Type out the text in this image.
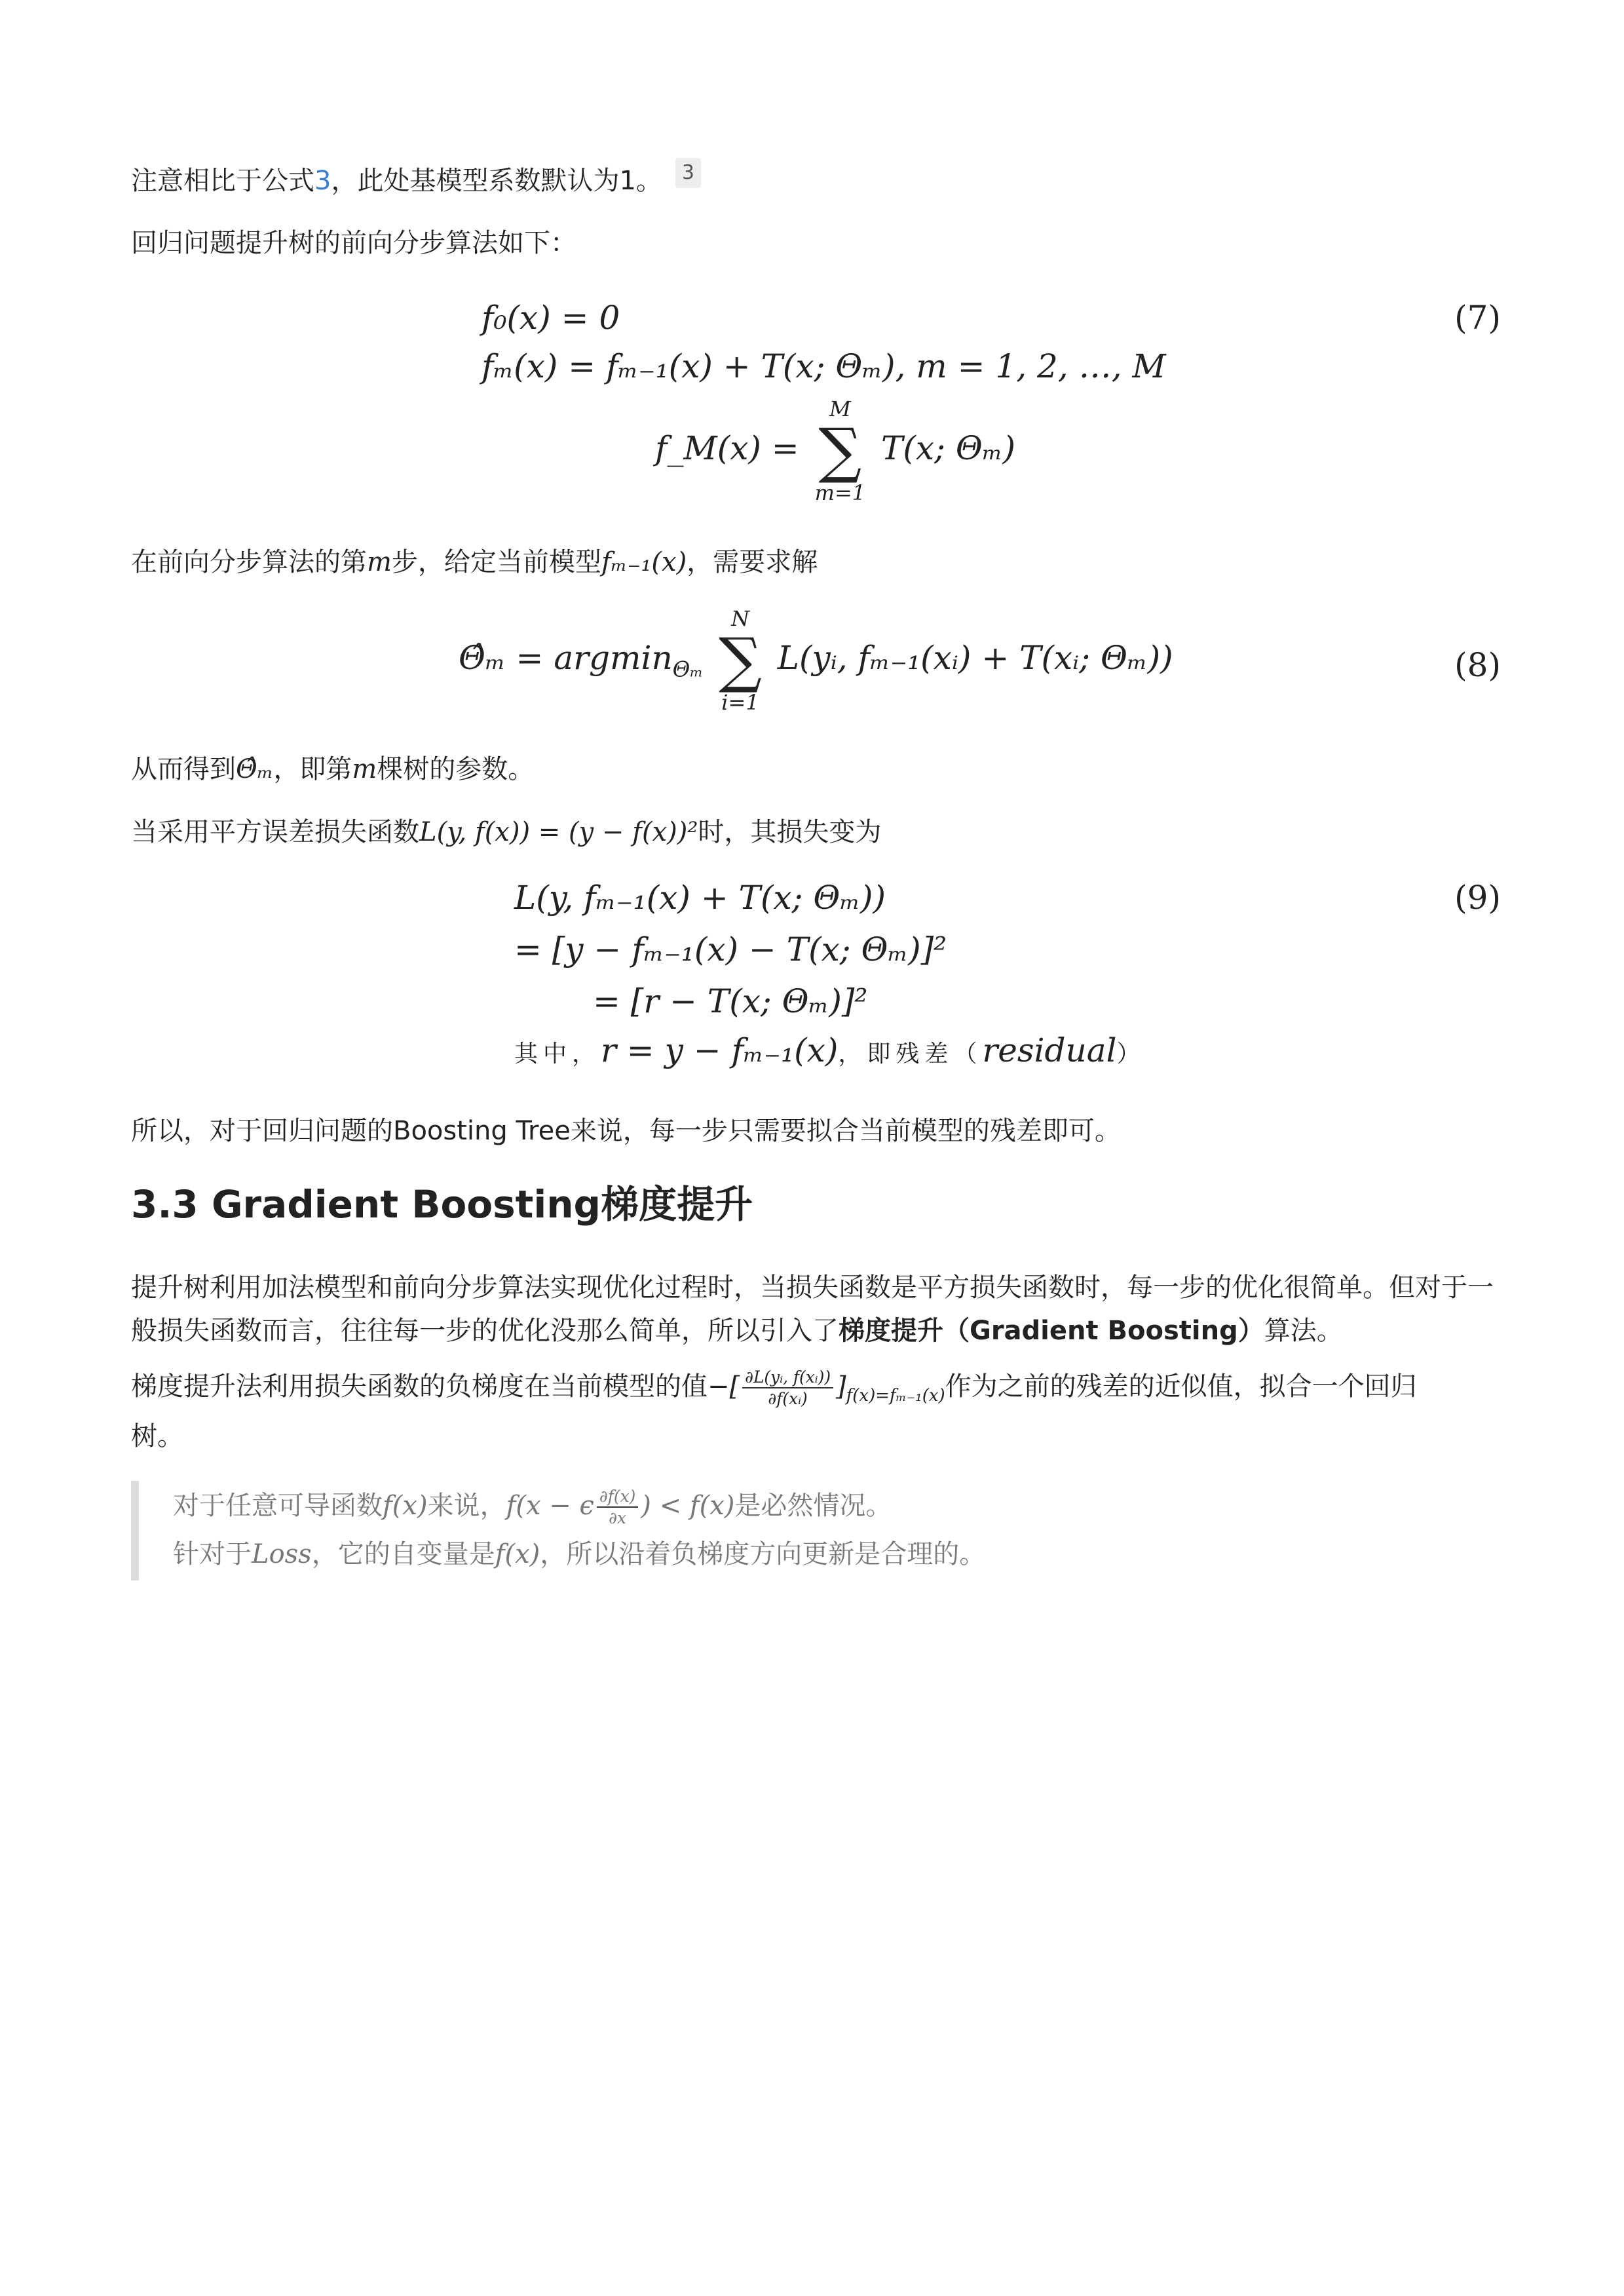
注意相比于公式3，此处基模型系数默认为1。 3
回归问题提升树的前向分步算法如下：
f₀(x) = 0
fₘ(x) = fₘ₋₁(x) + T(x; Θₘ), m = 1, 2, …, M
f_M(x) =
M
∑
m=1
T(x; Θₘ)
(7)
在前向分步算法的第m步，给定当前模型fₘ₋₁(x)，需要求解
Θ̂ₘ = argmin$_{\Theta_m}$
N
∑
i=1
L(yᵢ, fₘ₋₁(xᵢ) + T(xᵢ; Θₘ))	(8)
从而得到Θ̂ₘ，即第m棵树的参数。
当采用平方误差损失函数L(y, f(x)) = (y − f(x))²时，其损失变为
L(y, fₘ₋₁(x) + T(x; Θₘ))
= [y − fₘ₋₁(x) − T(x; Θₘ)]²
= [r − T(x; Θₘ)]²
其中，r = y − fₘ₋₁(x)，即残差（residual）
(9)
所以，对于回归问题的Boosting Tree来说，每一步只需要拟合当前模型的残差即可。
3.3 Gradient Boosting梯度提升
提升树利用加法模型和前向分步算法实现优化过程时，当损失函数是平方损失函数时，每一步的优化很简单。但对于一般损失函数而言，往往每一步的优化没那么简单，所以引入了梯度提升（Gradient Boosting）算法。
梯度提升法利用损失函数的负梯度在当前模型的值−[ $\frac{\text{∂L(yᵢ, f(xᵢ))}}{\text{∂f(xᵢ)}} ]_{f(x)=f_{m-1}(x)}$作为之前的残差的近似值，拟合一个回归
树。
对于任意可导函数f(x)来说，f(x − ϵ $\frac{\partial f(x)}{\partial x}$ ) < f(x)是必然情况。
针对于Loss，它的自变量是f(x)，所以沿着负梯度方向更新是合理的。
